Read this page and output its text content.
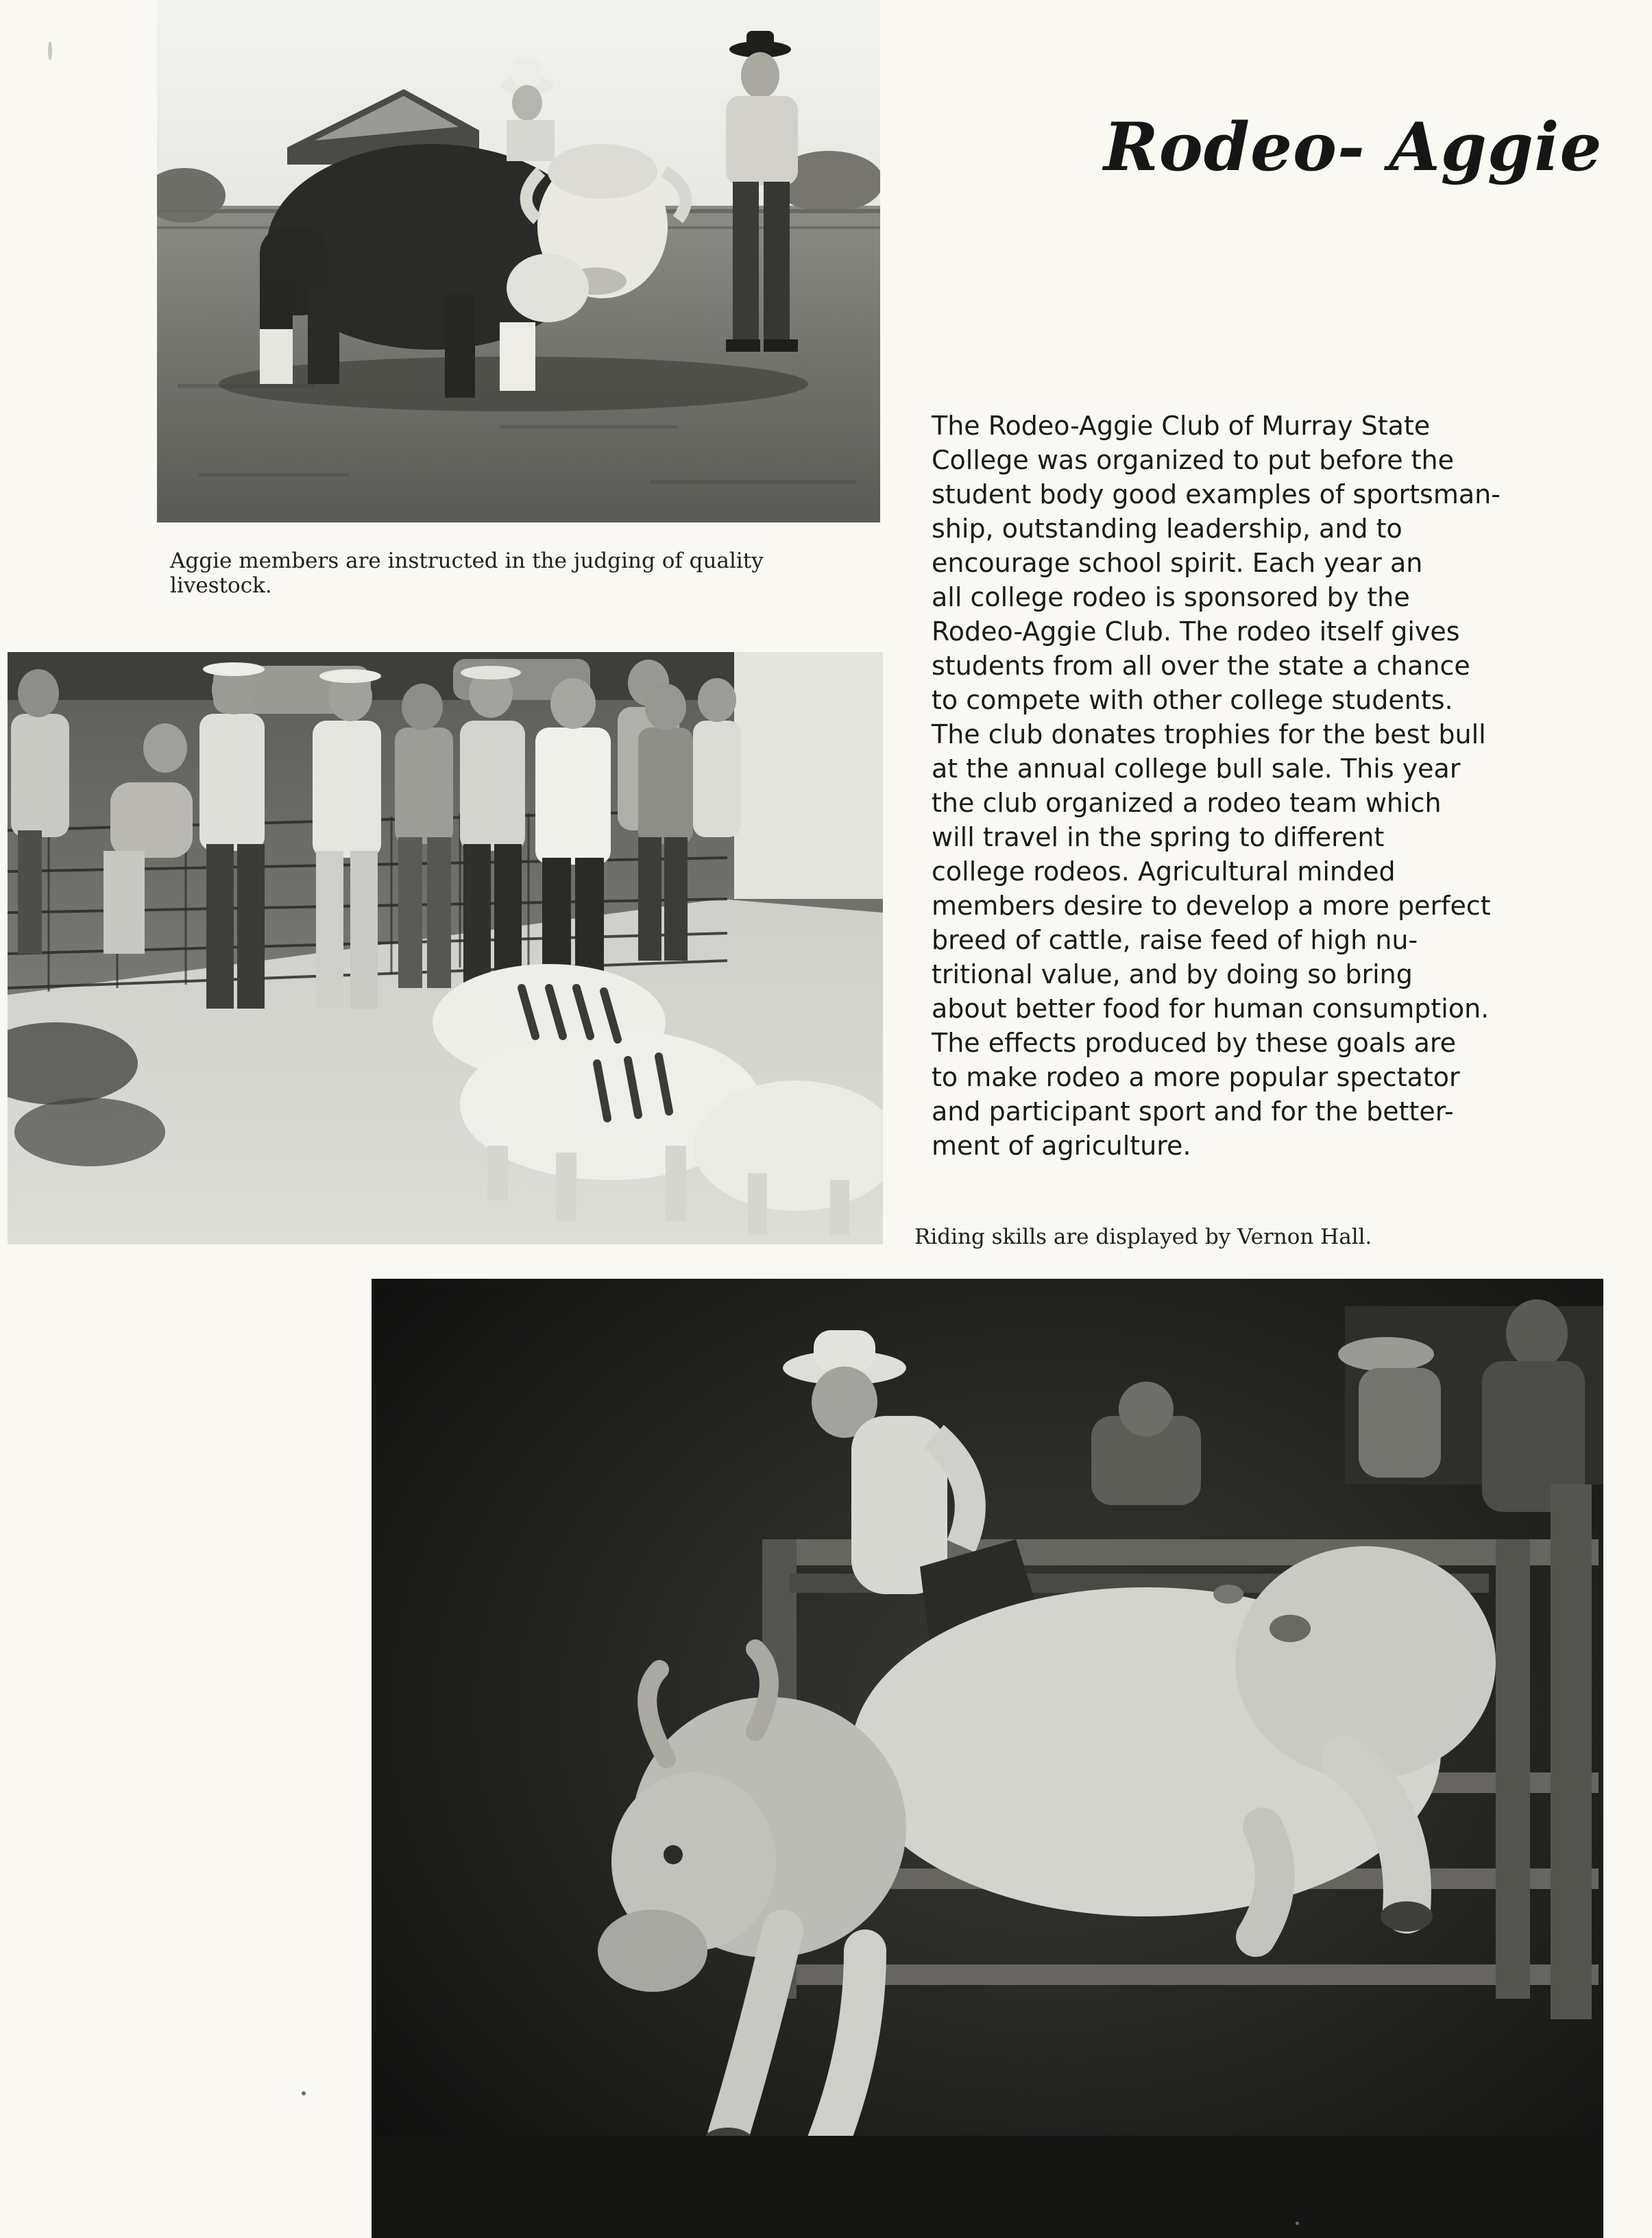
Aggie members are instructed in the judging of quality livestock.

Rodeo- Aggie
The Rodeo-Aggie Club of Murray State
College was organized to put before the
student body good examples of sportsman-
ship, outstanding leadership, and to
encourage school spirit. Each year an
all college rodeo is sponsored by the
Rodeo-Aggie Club. The rodeo itself gives
students from all over the state a chance
to compete with other college students.
The club donates trophies for the best bull
at the annual college bull sale. This year
the club organized a rodeo team which
will travel in the spring to different
college rodeos. Agricultural minded
members desire to develop a more perfect
breed of cattle, raise feed of high nu-
tritional value, and by doing so bring
about better food for human consumption.
The effects produced by these goals are
to make rodeo a more popular spectator
and participant sport and for the better-
ment of agriculture.

Riding skills are displayed by Vernon Hall.
